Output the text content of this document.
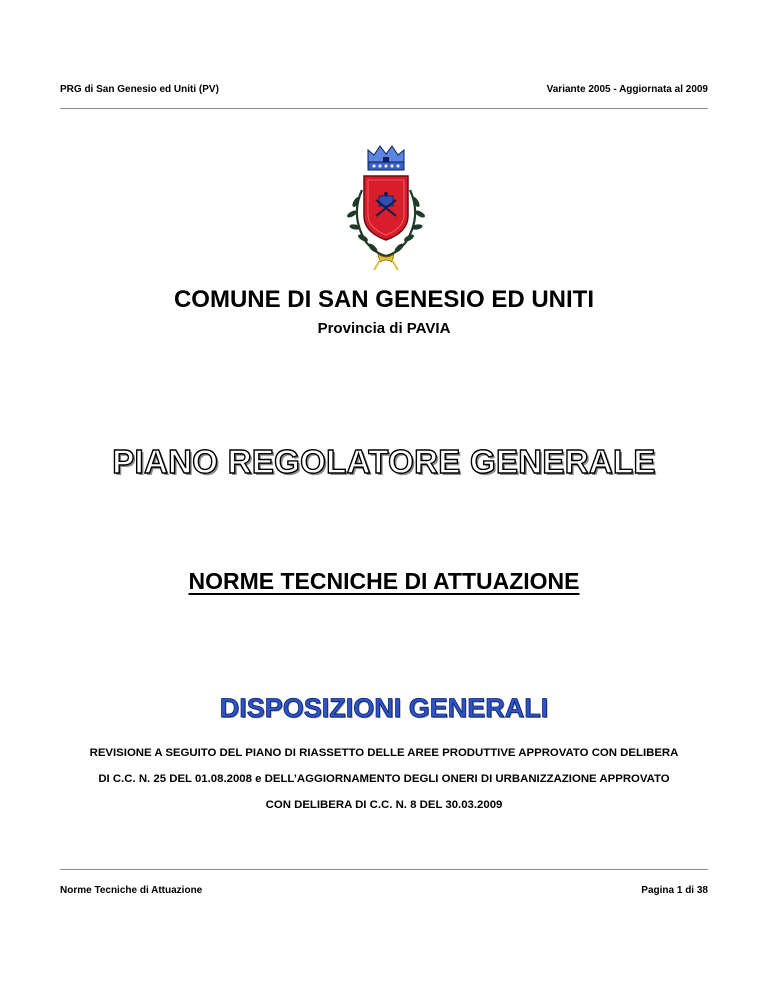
PRG di San Genesio ed Uniti (PV)	Variante 2005 - Aggiornata al 2009
COMUNE DI SAN GENESIO ED UNITI
Provincia di PAVIA
PIANO REGOLATORE GENERALE
NORME TECNICHE DI ATTUAZIONE
DISPOSIZIONI GENERALI
REVISIONE A SEGUITO DEL PIANO DI RIASSETTO DELLE AREE PRODUTTIVE APPROVATO CON DELIBERA
DI C.C. N. 25 DEL 01.08.2008 e DELL’AGGIORNAMENTO DEGLI ONERI DI URBANIZZAZIONE APPROVATO
CON DELIBERA DI C.C. N. 8 DEL 30.03.2009
Norme Tecniche di Attuazione	Pagina 1 di 38
